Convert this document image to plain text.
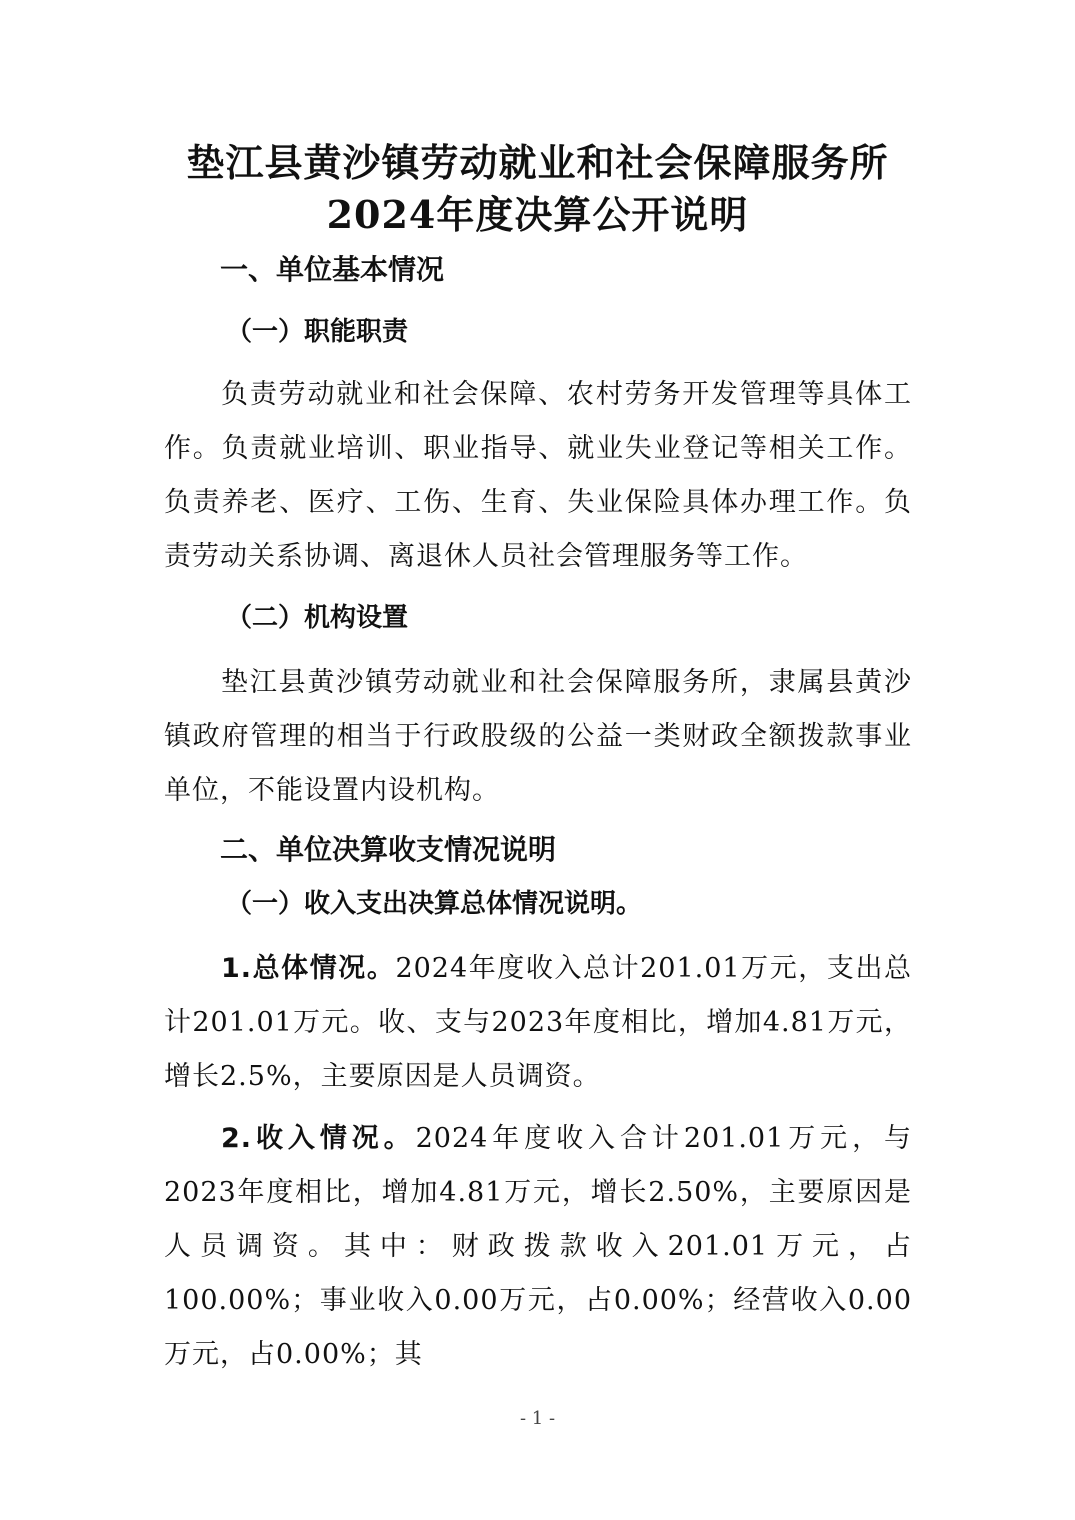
垫江县黄沙镇劳动就业和社会保障服务所
2024年度决算公开说明
一、单位基本情况
（一）职能职责
负责劳动就业和社会保障、农村劳务开发管理等具体工作。负责就业培训、职业指导、就业失业登记等相关工作。负责养老、医疗、工伤、生育、失业保险具体办理工作。负责劳动关系协调、离退休人员社会管理服务等工作。
（二）机构设置
垫江县黄沙镇劳动就业和社会保障服务所，隶属县黄沙镇政府管理的相当于行政股级的公益一类财政全额拨款事业单位，不能设置内设机构。
二、单位决算收支情况说明
（一）收入支出决算总体情况说明。
1.总体情况。2024年度收入总计201.01万元，支出总计201.01万元。收、支与2023年度相比，增加4.81万元，增长2.5%，主要原因是人员调资。
2.收入情况。2024年度收入合计201.01万元，与2023年度相比，增加4.81万元，增长2.50%，主要原因是人员调资。其中：财政拨款收入201.01万元，占100.00%；事业收入0.00万元，占0.00%；经营收入0.00万元，占0.00%；其
- 1 -
